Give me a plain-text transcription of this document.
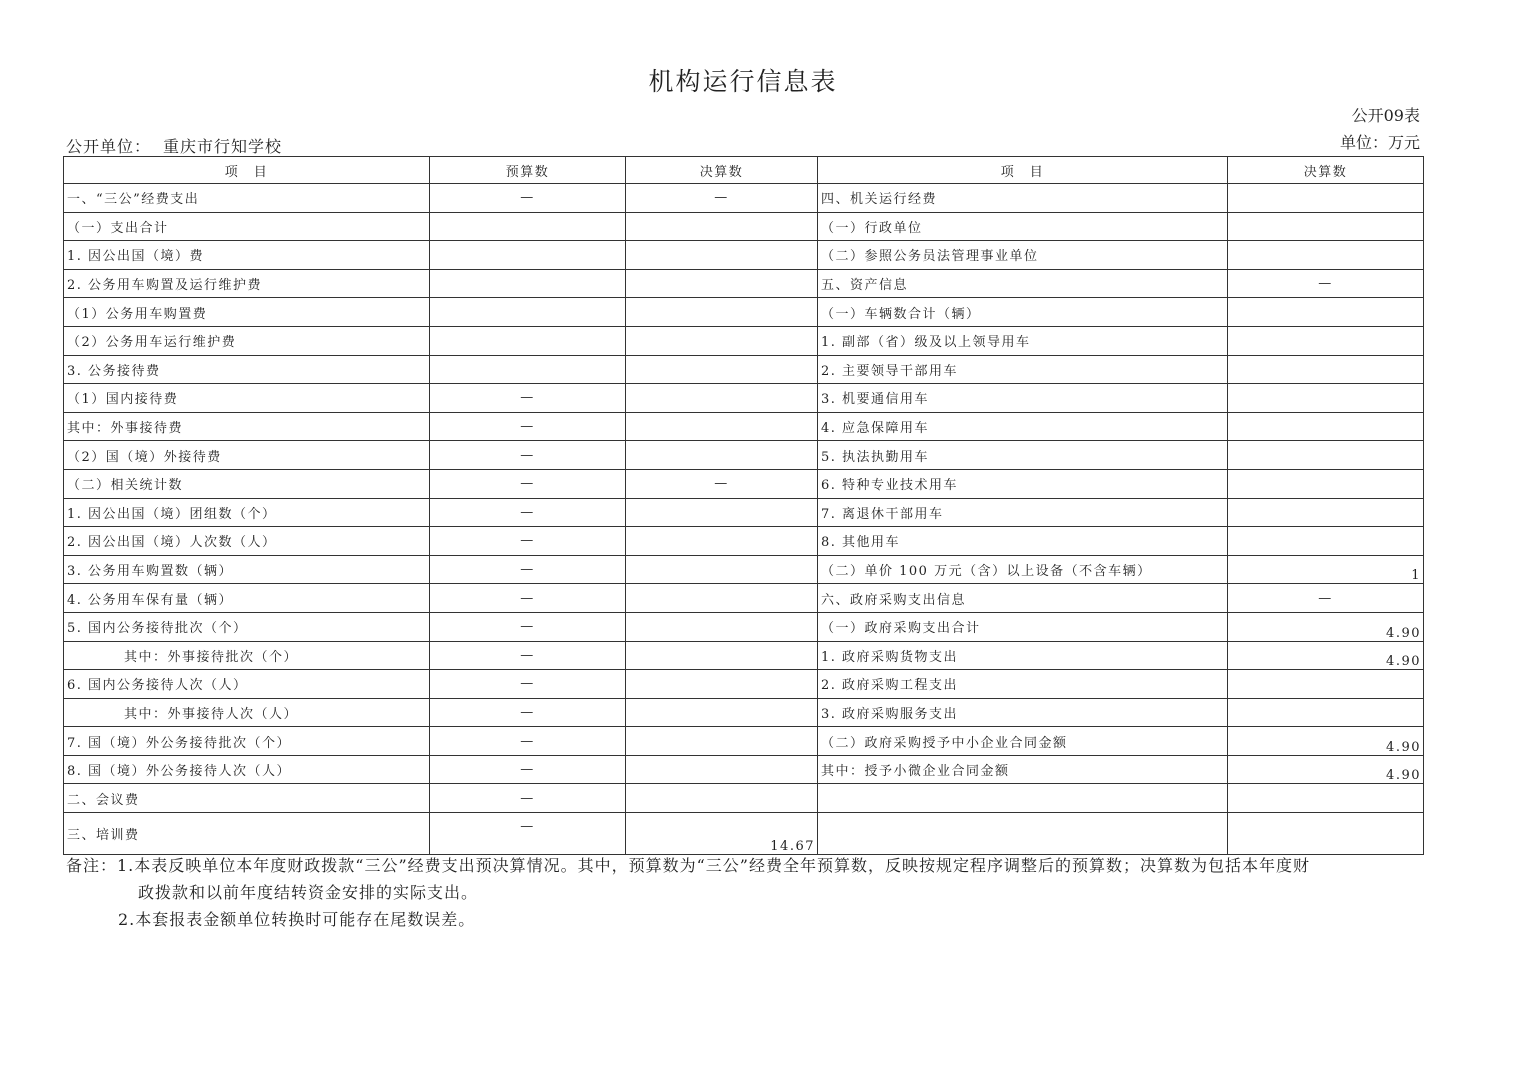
机构运行信息表
公开09表
单位：万元
公开单位： 重庆市行知学校
项　目	预算数	决算数	项　目	决算数
一、“三公”经费支出	—	—	四、机关运行经费	
（一）支出合计			（一）行政单位	
1. 因公出国（境）费			（二）参照公务员法管理事业单位	
2. 公务用车购置及运行维护费			五、资产信息	—
（1）公务用车购置费			（一）车辆数合计（辆）	
（2）公务用车运行维护费			1. 副部（省）级及以上领导用车	
3. 公务接待费			2. 主要领导干部用车	
（1）国内接待费	—		3. 机要通信用车	
其中：外事接待费	—		4. 应急保障用车	
（2）国（境）外接待费	—		5. 执法执勤用车	
（二）相关统计数	—	—	6. 特种专业技术用车	
1. 因公出国（境）团组数（个）	—		7. 离退休干部用车	
2. 因公出国（境）人次数（人）	—		8. 其他用车	
3. 公务用车购置数（辆）	—		（二）单价 100 万元（含）以上设备（不含车辆）	1
4. 公务用车保有量（辆）	—		六、政府采购支出信息	—
5. 国内公务接待批次（个）	—		（一）政府采购支出合计	4.90
其中：外事接待批次（个）	—		1. 政府采购货物支出	4.90
6. 国内公务接待人次（人）	—		2. 政府采购工程支出	
其中：外事接待人次（人）	—		3. 政府采购服务支出	
7. 国（境）外公务接待批次（个）	—		（二）政府采购授予中小企业合同金额	4.90
8. 国（境）外公务接待人次（人）	—		其中：授予小微企业合同金额	4.90
二、会议费	—			
三、培训费	—	14.67		
备注：1.本表反映单位本年度财政拨款“三公”经费支出预决算情况。其中，预算数为“三公”经费全年预算数，反映按规定程序调整后的预算数；决算数为包括本年度财
政拨款和以前年度结转资金安排的实际支出。
2.本套报表金额单位转换时可能存在尾数误差。
